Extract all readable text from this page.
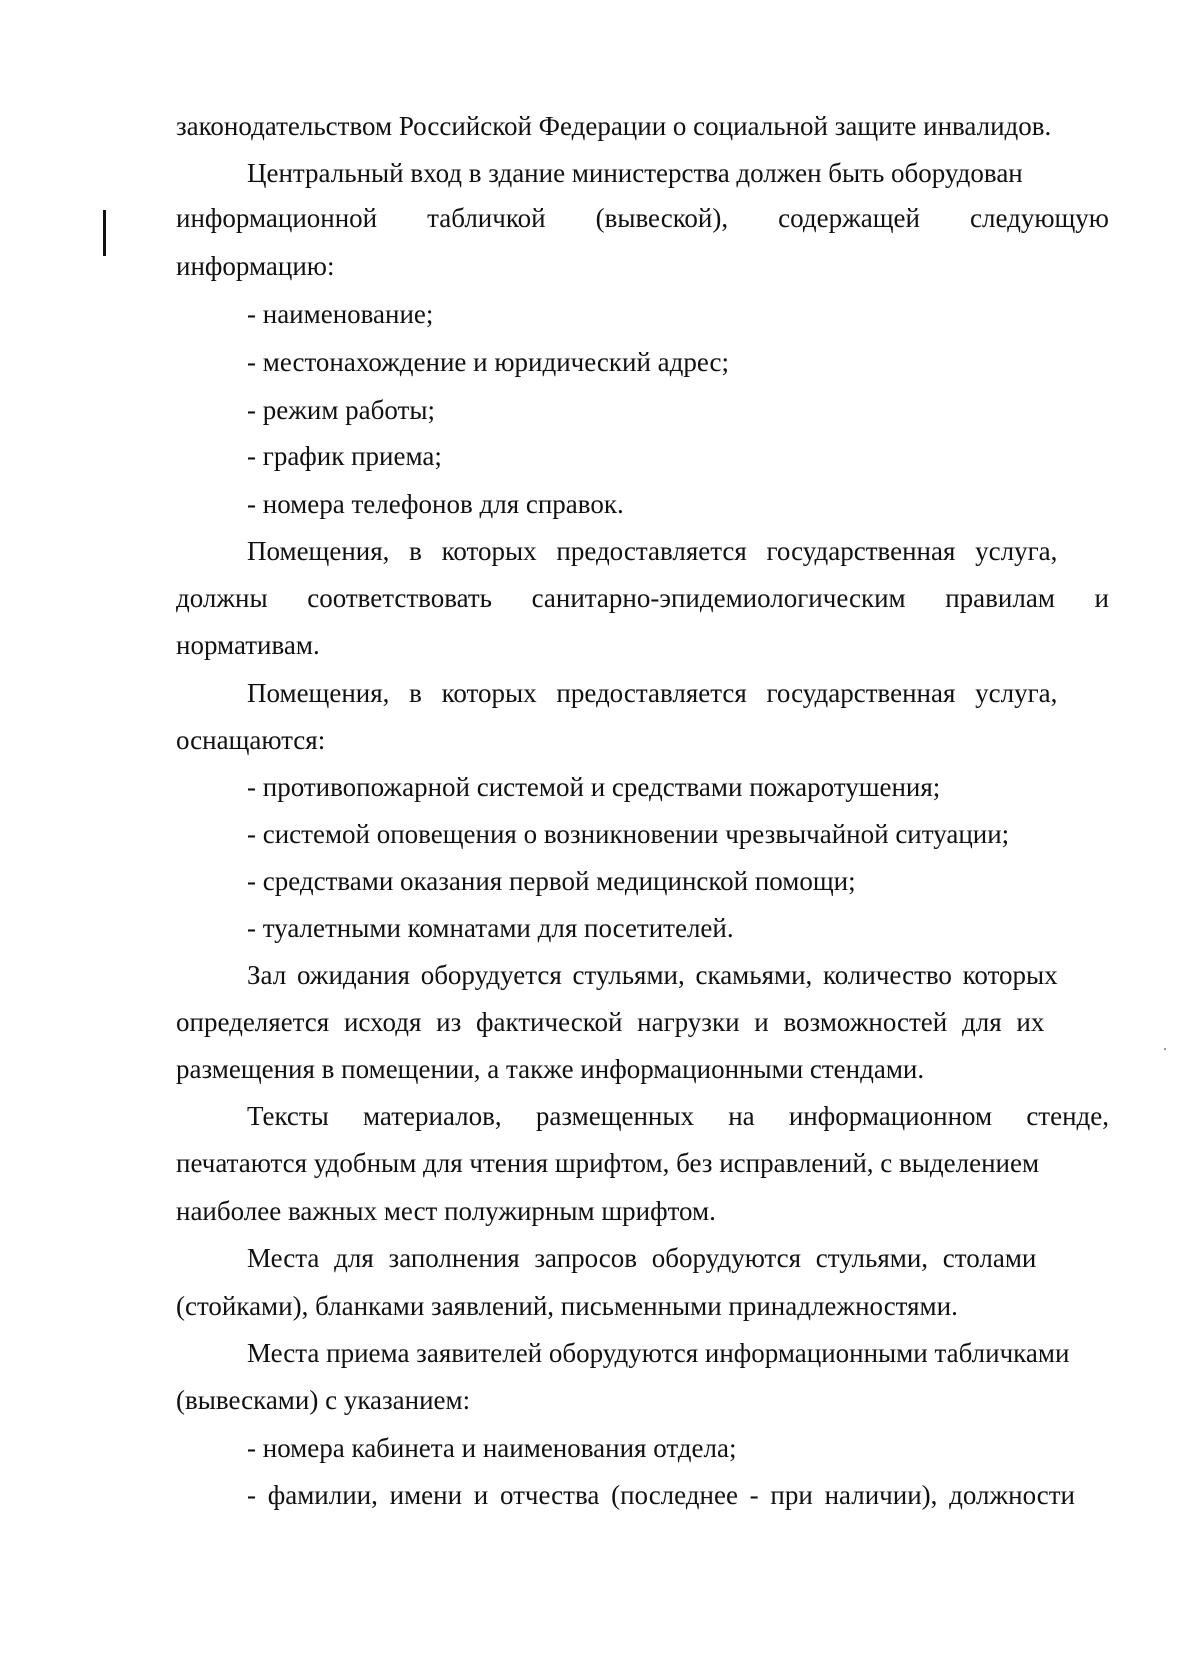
законодательством Российской Федерации о социальной защите инвалидов.
Центральный вход в здание министерства должен быть оборудован
информационной табличкой (вывеской), содержащей следующую
информацию:
- наименование;
- местонахождение и юридический адрес;
- режим работы;
- график приема;
- номера телефонов для справок.
Помещения, в которых предоставляется государственная услуга,
должны соответствовать санитарно-эпидемиологическим правилам и
нормативам.
Помещения, в которых предоставляется государственная услуга,
оснащаются:
- противопожарной системой и средствами пожаротушения;
- системой оповещения о возникновении чрезвычайной ситуации;
- средствами оказания первой медицинской помощи;
- туалетными комнатами для посетителей.
Зал ожидания оборудуется стульями, скамьями, количество которых
определяется исходя из фактической нагрузки и возможностей для их
размещения в помещении, а также информационными стендами.
Тексты материалов, размещенных на информационном стенде,
печатаются удобным для чтения шрифтом, без исправлений, с выделением
наиболее важных мест полужирным шрифтом.
Места для заполнения запросов оборудуются стульями, столами
(стойками), бланками заявлений, письменными принадлежностями.
Места приема заявителей оборудуются информационными табличками
(вывесками) с указанием:
- номера кабинета и наименования отдела;
- фамилии, имени и отчества (последнее - при наличии), должности
